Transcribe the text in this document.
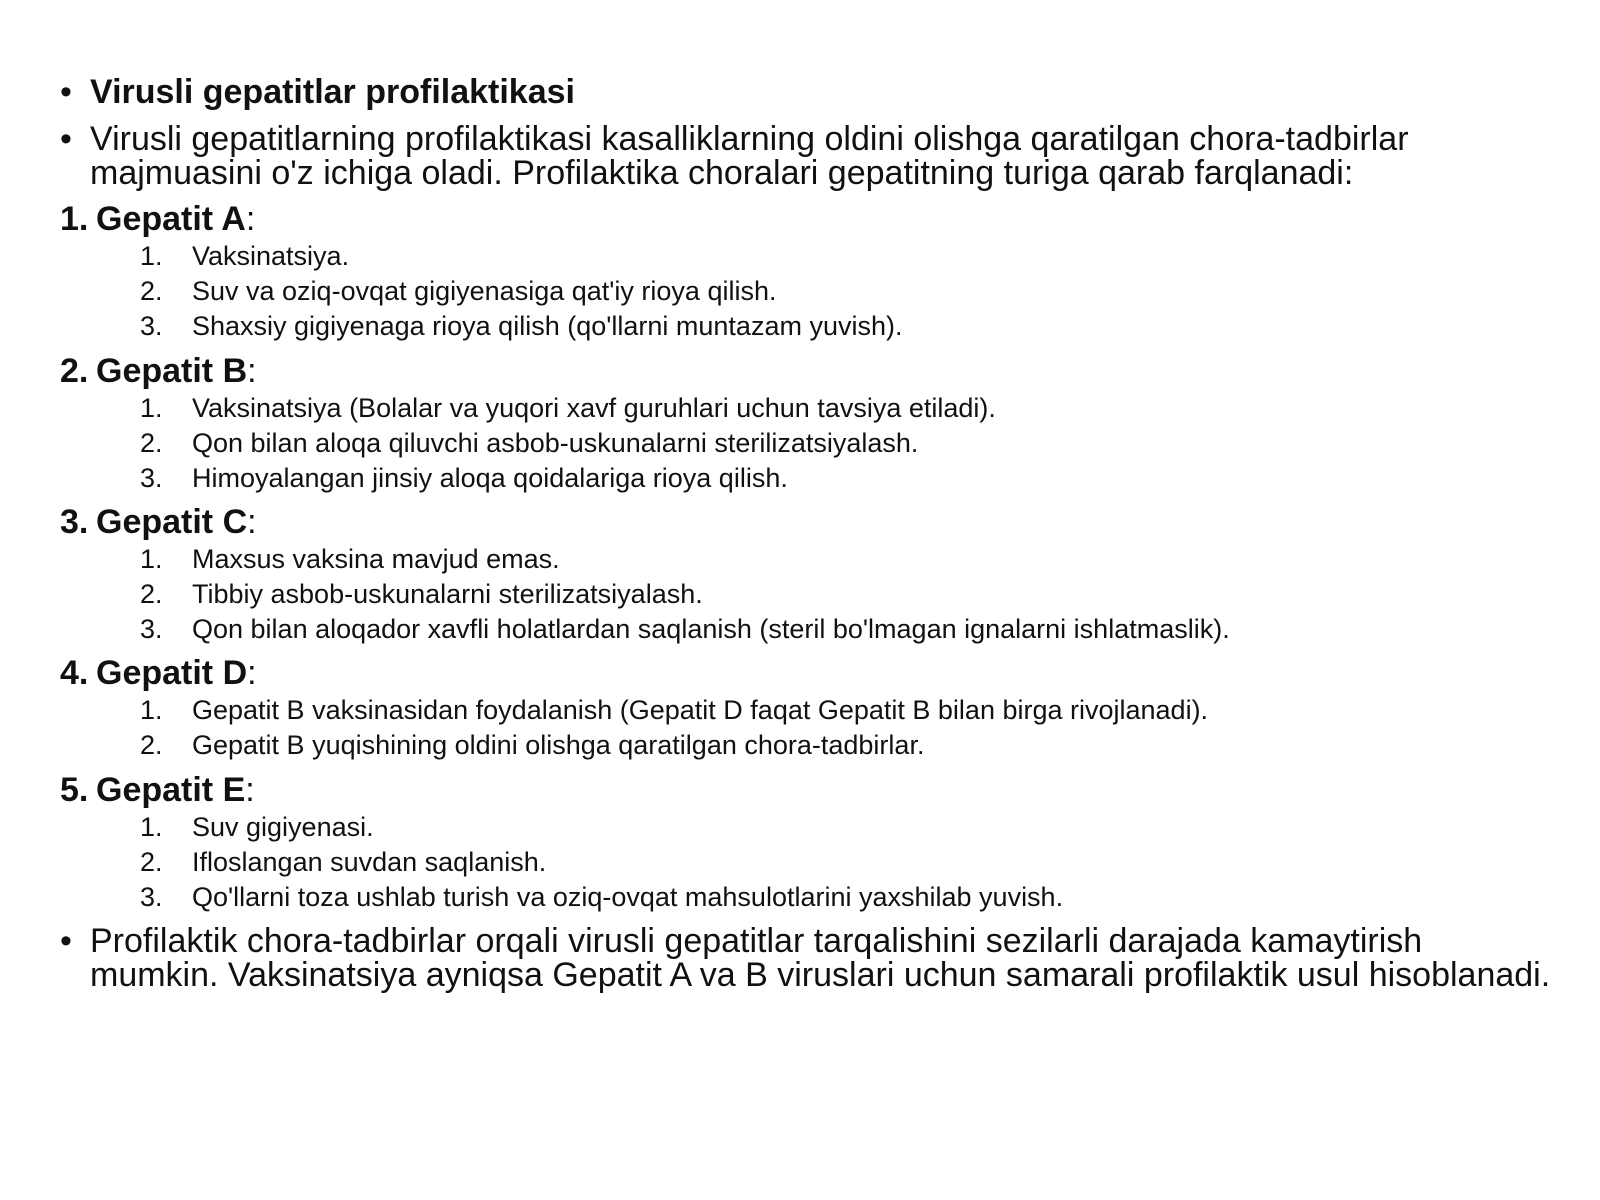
• Virusli gepatitlar profilaktikasi
• Virusli gepatitlarning profilaktikasi kasalliklarning oldini olishga qaratilgan chora-tadbirlar majmuasini o'z ichiga oladi. Profilaktika choralari gepatitning turiga qarab farqlanadi:
1. Gepatit A:
1. Vaksinatsiya.
2. Suv va oziq-ovqat gigiyenasiga qat'iy rioya qilish.
3. Shaxsiy gigiyenaga rioya qilish (qo'llarni muntazam yuvish).
2. Gepatit B:
1. Vaksinatsiya (Bolalar va yuqori xavf guruhlari uchun tavsiya etiladi).
2. Qon bilan aloqa qiluvchi asbob-uskunalarni sterilizatsiyalash.
3. Himoyalangan jinsiy aloqa qoidalariga rioya qilish.
3. Gepatit C:
1. Maxsus vaksina mavjud emas.
2. Tibbiy asbob-uskunalarni sterilizatsiyalash.
3. Qon bilan aloqador xavfli holatlardan saqlanish (steril bo'lmagan ignalarni ishlatmaslik).
4. Gepatit D:
1. Gepatit B vaksinasidan foydalanish (Gepatit D faqat Gepatit B bilan birga rivojlanadi).
2. Gepatit B yuqishining oldini olishga qaratilgan chora-tadbirlar.
5. Gepatit E:
1. Suv gigiyenasi.
2. Ifloslangan suvdan saqlanish.
3. Qo'llarni toza ushlab turish va oziq-ovqat mahsulotlarini yaxshilab yuvish.
• Profilaktik chora-tadbirlar orqali virusli gepatitlar tarqalishini sezilarli darajada kamaytirish mumkin. Vaksinatsiya ayniqsa Gepatit A va B viruslari uchun samarali profilaktik usul hisoblanadi.
